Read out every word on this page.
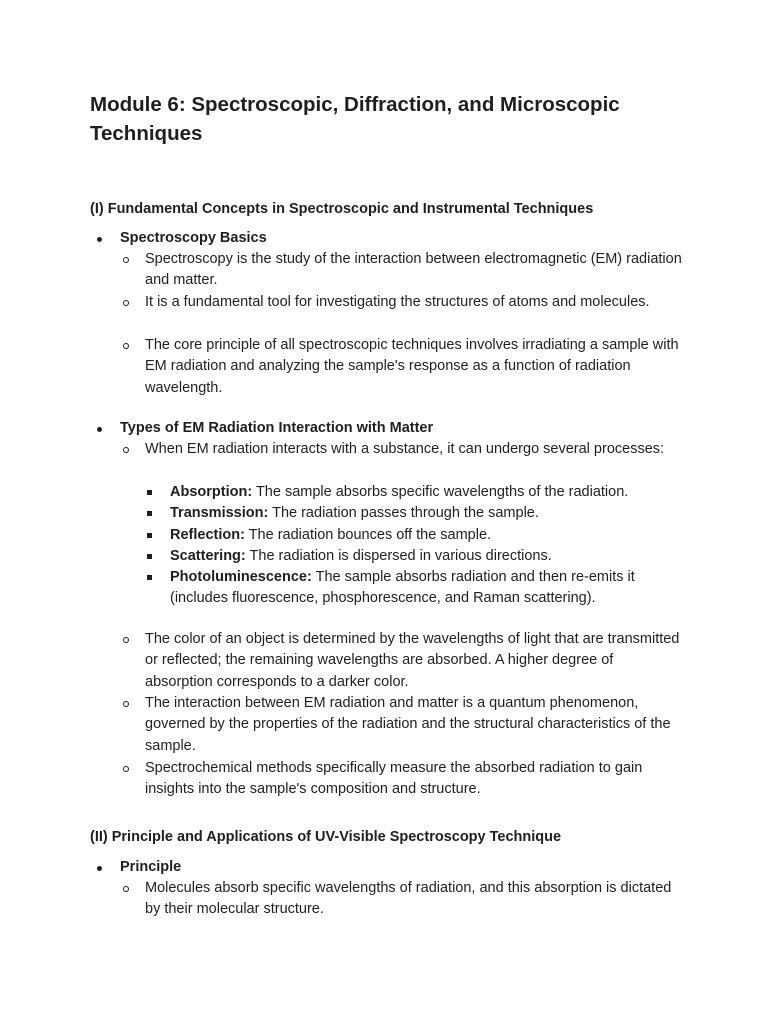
Module 6: Spectroscopic, Diffraction, and Microscopic Techniques
(I) Fundamental Concepts in Spectroscopic and Instrumental Techniques
Spectroscopy Basics
Spectroscopy is the study of the interaction between electromagnetic (EM) radiation and matter.
It is a fundamental tool for investigating the structures of atoms and molecules.
The core principle of all spectroscopic techniques involves irradiating a sample with EM radiation and analyzing the sample's response as a function of radiation wavelength.
Types of EM Radiation Interaction with Matter
When EM radiation interacts with a substance, it can undergo several processes:
Absorption: The sample absorbs specific wavelengths of the radiation.
Transmission: The radiation passes through the sample.
Reflection: The radiation bounces off the sample.
Scattering: The radiation is dispersed in various directions.
Photoluminescence: The sample absorbs radiation and then re-emits it (includes fluorescence, phosphorescence, and Raman scattering).
The color of an object is determined by the wavelengths of light that are transmitted or reflected; the remaining wavelengths are absorbed. A higher degree of absorption corresponds to a darker color.
The interaction between EM radiation and matter is a quantum phenomenon, governed by the properties of the radiation and the structural characteristics of the sample.
Spectrochemical methods specifically measure the absorbed radiation to gain insights into the sample's composition and structure.
(II) Principle and Applications of UV-Visible Spectroscopy Technique
Principle
Molecules absorb specific wavelengths of radiation, and this absorption is dictated by their molecular structure.
